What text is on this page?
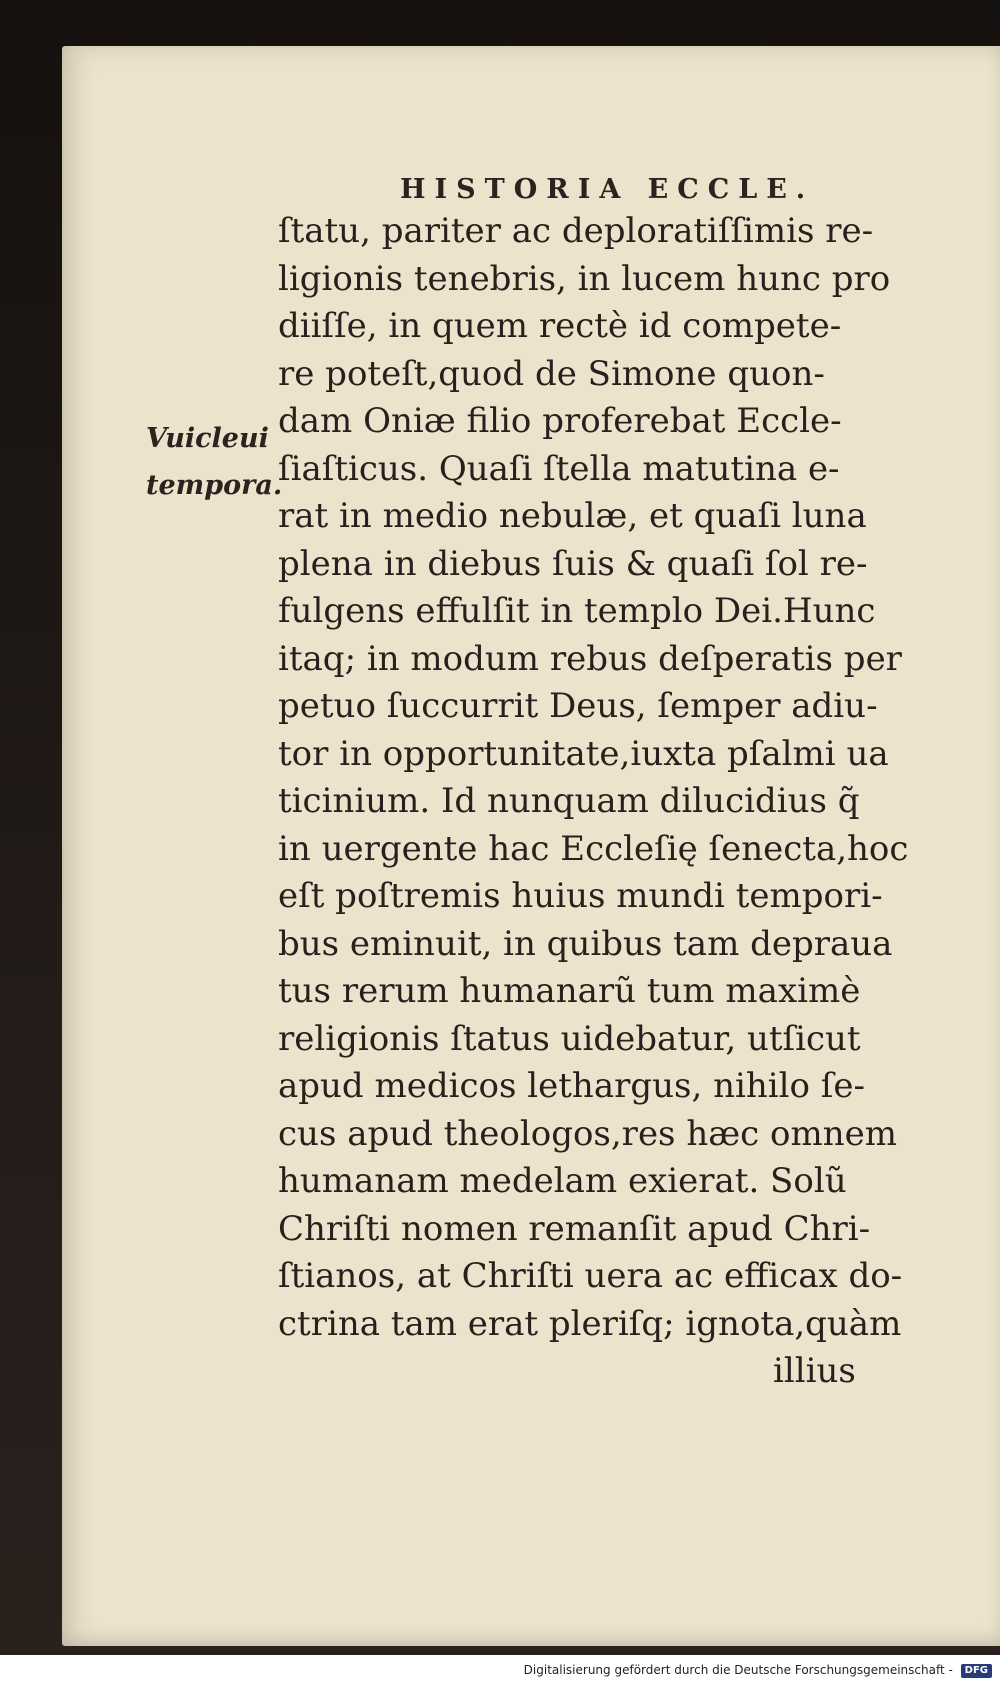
HISTORIA ECCLE.
Vuicleui
tempora.
ſtatu, pariter ac deploratiſſimis re-
ligionis tenebris, in lucem hunc pro
diiſſe, in quem rectè id compete-
re poteſt,quod de Simone quon-
dam Oniæ filio proferebat Eccle-
ſiaſticus. Quaſi ſtella matutina e-
rat in medio nebulæ, et quaſi luna
plena in diebus ſuis & quaſi ſol re-
fulgens effulſit in templo Dei.Hunc
itaq; in modum rebus deſperatis per
petuo ſuccurrit Deus, ſemper adiu-
tor in opportunitate,iuxta pſalmi ua
ticinium. Id nunquam dilucidius q̃
in uergente hac Eccleſię ſenecta,hoc
eſt poſtremis huius mundi tempori-
bus eminuit, in quibus tam deprauа
tus rerum humanarũ tum maximè
religionis ſtatus uidebatur, utſicut
apud medicos lethargus, nihilo ſe-
cus apud theologos,res hæc omnem
humanam medelam exierat. Solũ
Chriſti nomen remanſit apud Chri-
ſtianos, at Chriſti uera ac efficax do-
ctrina tam erat pleriſq; ignota,quàm
illius
Digitalisierung gefördert durch die Deutsche Forschungsgemeinschaft - DFG
